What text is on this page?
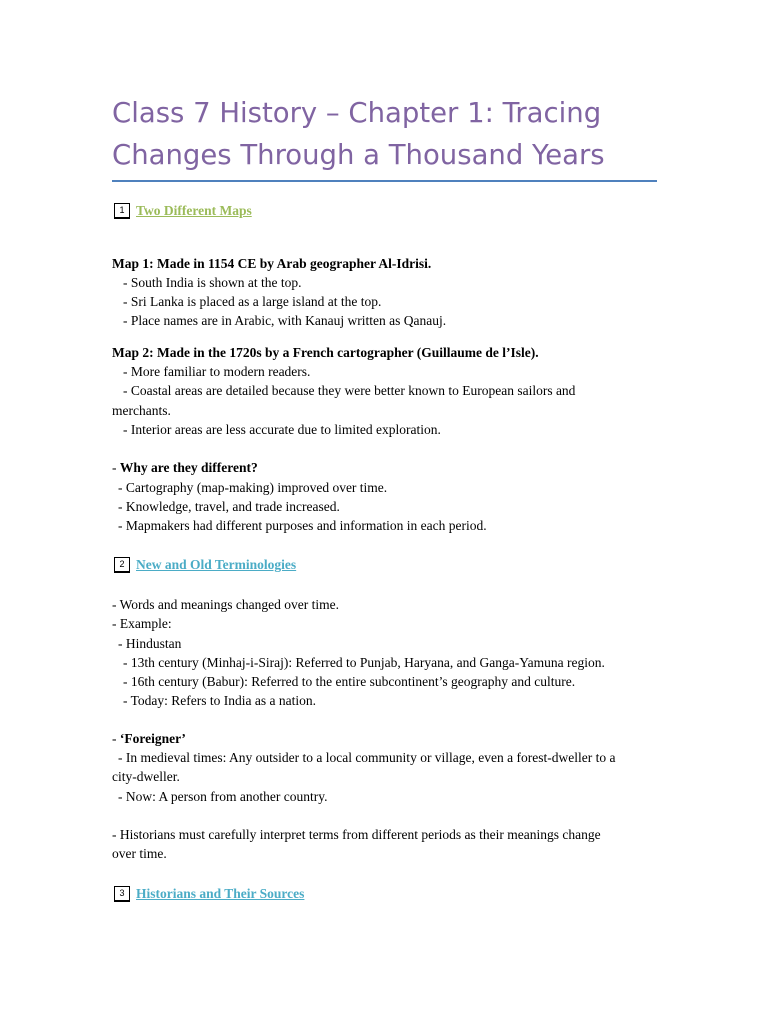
Class 7 History – Chapter 1: Tracing
Changes Through a Thousand Years
1 Two Different Maps
Map 1: Made in 1154 CE by Arab geographer Al-Idrisi.
- South India is shown at the top.
- Sri Lanka is placed as a large island at the top.
- Place names are in Arabic, with Kanauj written as Qanauj.
Map 2: Made in the 1720s by a French cartographer (Guillaume de l’Isle).
- More familiar to modern readers.
- Coastal areas are detailed because they were better known to European sailors and
merchants.
- Interior areas are less accurate due to limited exploration.
- Why are they different?
- Cartography (map-making) improved over time.
- Knowledge, travel, and trade increased.
- Mapmakers had different purposes and information in each period.
2 New and Old Terminologies
- Words and meanings changed over time.
- Example:
- Hindustan
- 13th century (Minhaj-i-Siraj): Referred to Punjab, Haryana, and Ganga-Yamuna region.
- 16th century (Babur): Referred to the entire subcontinent’s geography and culture.
- Today: Refers to India as a nation.
- ‘Foreigner’
- In medieval times: Any outsider to a local community or village, even a forest-dweller to a
city-dweller.
- Now: A person from another country.
- Historians must carefully interpret terms from different periods as their meanings change
over time.
3 Historians and Their Sources
